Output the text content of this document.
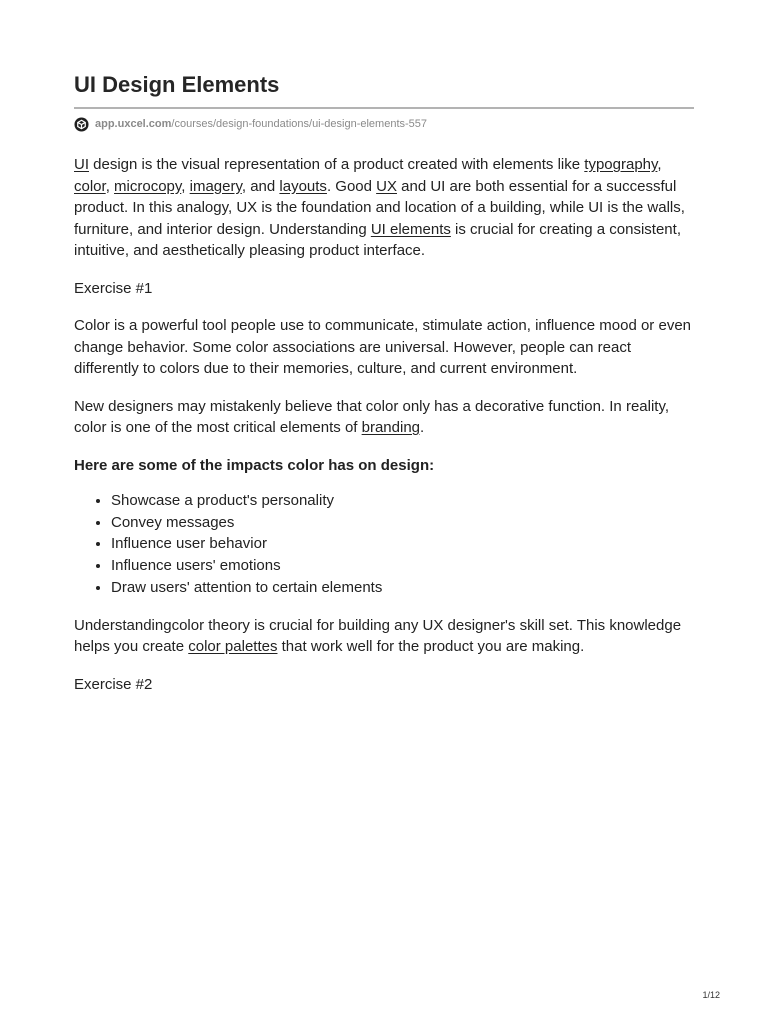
UI Design Elements
app.uxcel.com/courses/design-foundations/ui-design-elements-557

UI design is the visual representation of a product created with elements like typography, color, microcopy, imagery, and layouts. Good UX and UI are both essential for a successful product. In this analogy, UX is the foundation and location of a building, while UI is the walls, furniture, and interior design. Understanding UI elements is crucial for creating a consistent, intuitive, and aesthetically pleasing product interface.

Exercise #1

Color is a powerful tool people use to communicate, stimulate action, influence mood or even change behavior. Some color associations are universal. However, people can react differently to colors due to their memories, culture, and current environment.

New designers may mistakenly believe that color only has a decorative function. In reality, color is one of the most critical elements of branding.

Here are some of the impacts color has on design:

• Showcase a product's personality
• Convey messages
• Influence user behavior
• Influence users' emotions
• Draw users' attention to certain elements

Understandingcolor theory is crucial for building any UX designer's skill set. This knowledge helps you create color palettes that work well for the product you are making.

Exercise #2

1/12
